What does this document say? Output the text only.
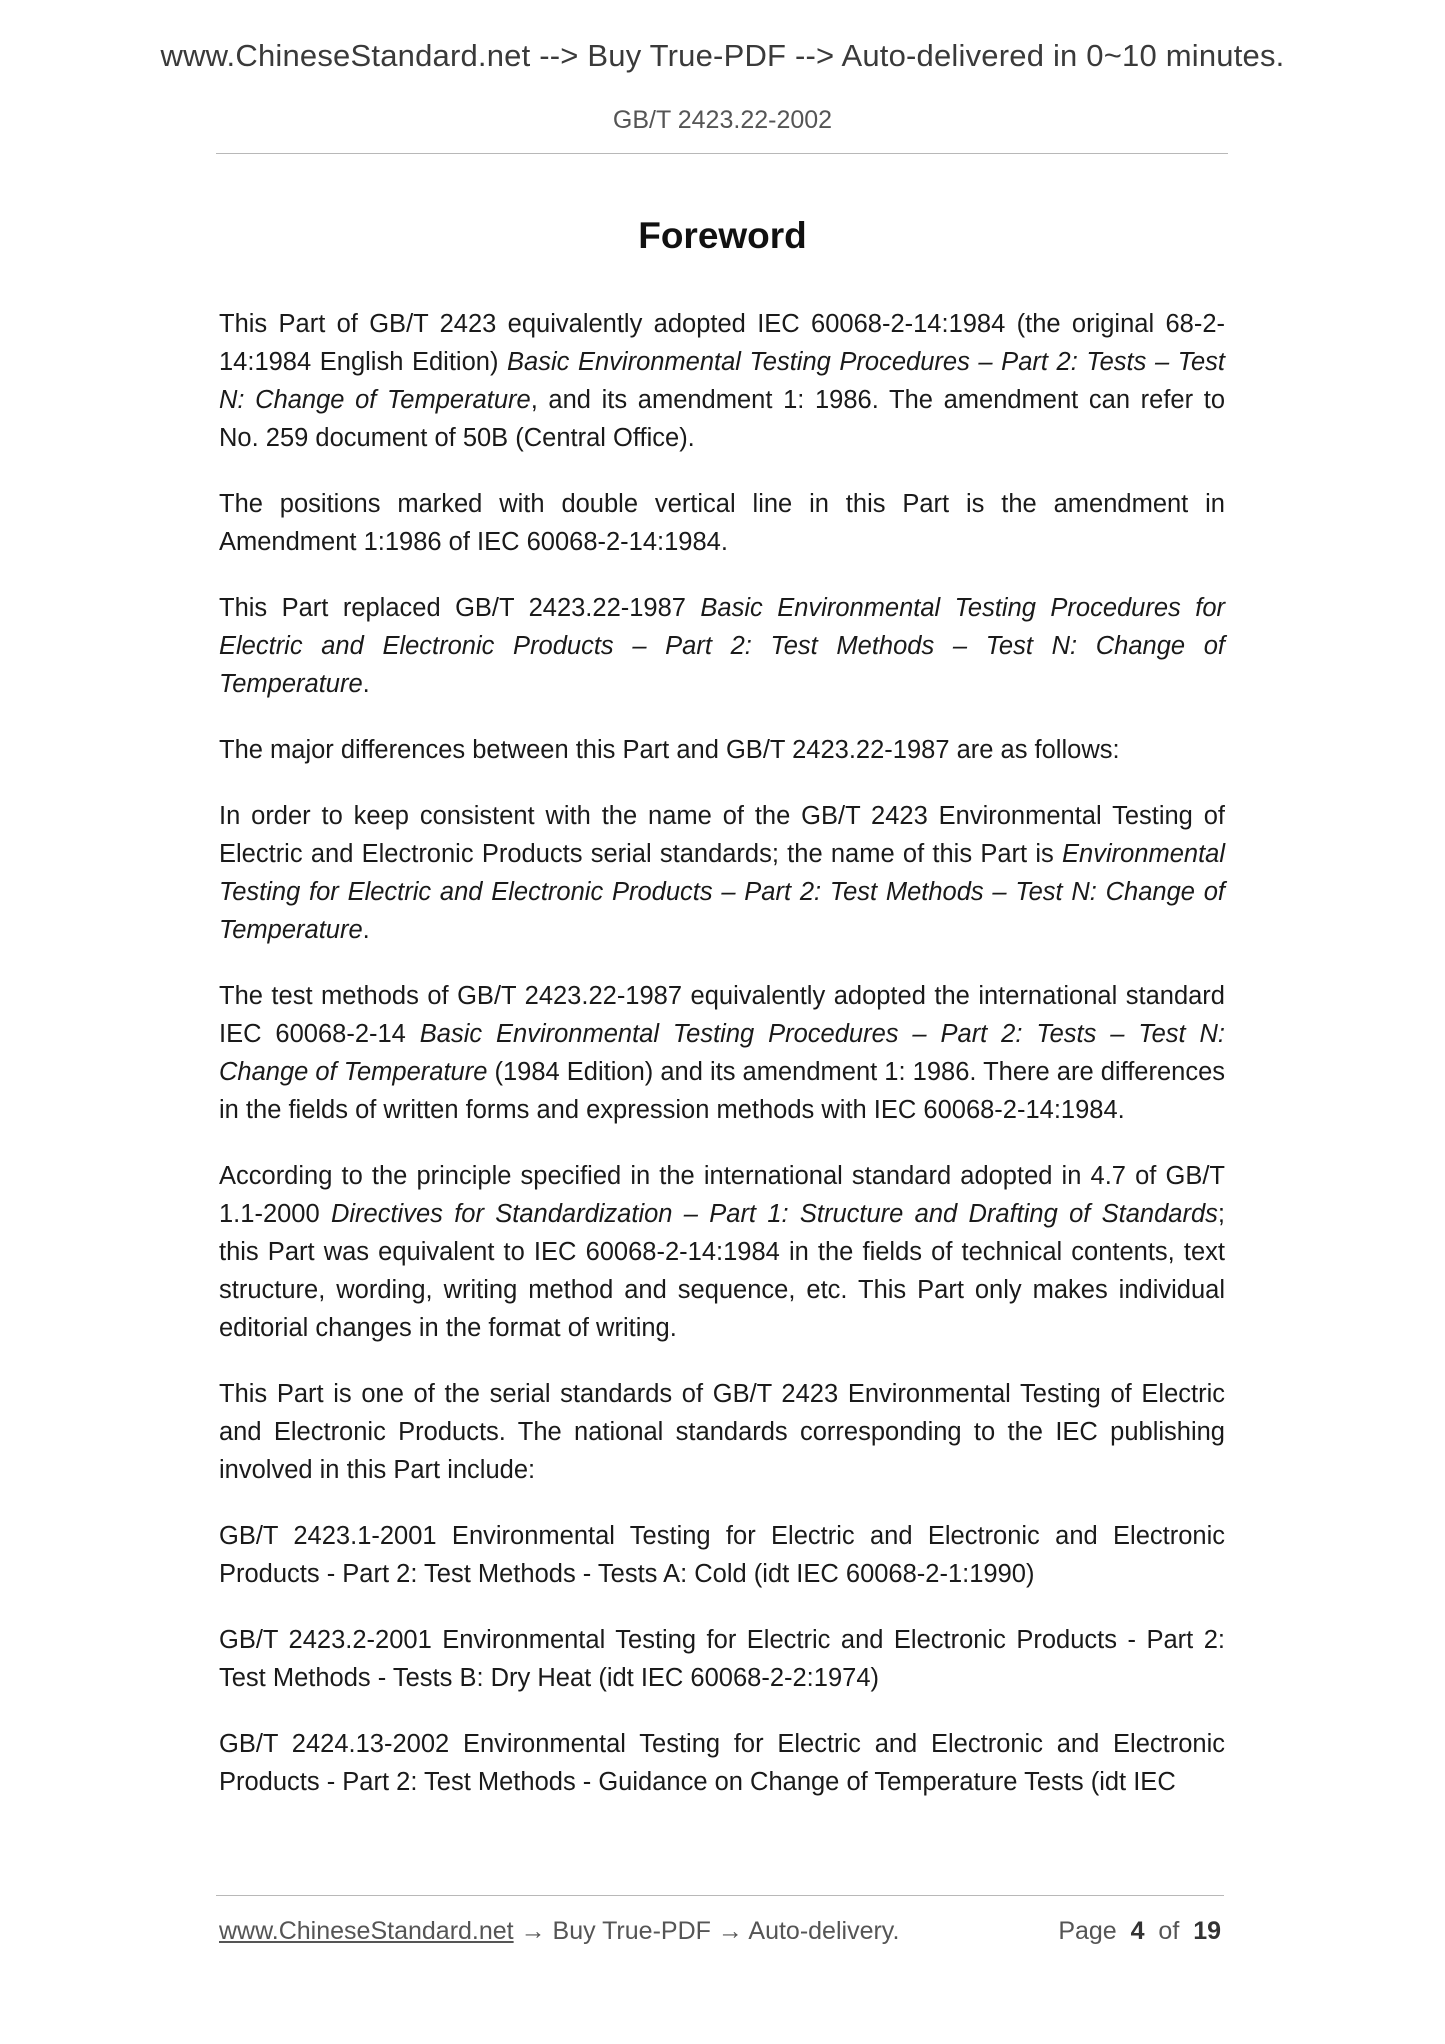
www.ChineseStandard.net --> Buy True-PDF --> Auto-delivered in 0~10 minutes.
GB/T 2423.22-2002
Foreword

This Part of GB/T 2423 equivalently adopted IEC 60068-2-14:1984 (the original 68-2-14:1984 English Edition) Basic Environmental Testing Procedures – Part 2: Tests – Test N: Change of Temperature, and its amendment 1: 1986. The amendment can refer to No. 259 document of 50B (Central Office).

The positions marked with double vertical line in this Part is the amendment in Amendment 1:1986 of IEC 60068-2-14:1984.

This Part replaced GB/T 2423.22-1987 Basic Environmental Testing Procedures for Electric and Electronic Products – Part 2: Test Methods – Test N: Change of Temperature.

The major differences between this Part and GB/T 2423.22-1987 are as follows:

In order to keep consistent with the name of the GB/T 2423 Environmental Testing of Electric and Electronic Products serial standards; the name of this Part is Environmental Testing for Electric and Electronic Products – Part 2: Test Methods – Test N: Change of Temperature.

The test methods of GB/T 2423.22-1987 equivalently adopted the international standard IEC 60068-2-14 Basic Environmental Testing Procedures – Part 2: Tests – Test N: Change of Temperature (1984 Edition) and its amendment 1: 1986. There are differences in the fields of written forms and expression methods with IEC 60068-2-14:1984.

According to the principle specified in the international standard adopted in 4.7 of GB/T 1.1-2000 Directives for Standardization – Part 1: Structure and Drafting of Standards; this Part was equivalent to IEC 60068-2-14:1984 in the fields of technical contents, text structure, wording, writing method and sequence, etc. This Part only makes individual editorial changes in the format of writing.

This Part is one of the serial standards of GB/T 2423 Environmental Testing of Electric and Electronic Products. The national standards corresponding to the IEC publishing involved in this Part include:

GB/T 2423.1-2001 Environmental Testing for Electric and Electronic and Electronic Products - Part 2: Test Methods - Tests A: Cold (idt IEC 60068-2-1:1990)

GB/T 2423.2-2001 Environmental Testing for Electric and Electronic Products - Part 2: Test Methods - Tests B: Dry Heat (idt IEC 60068-2-2:1974)

GB/T 2424.13-2002 Environmental Testing for Electric and Electronic and Electronic Products - Part 2: Test Methods - Guidance on Change of Temperature Tests (idt IEC

www.ChineseStandard.net → Buy True-PDF → Auto-delivery.	Page 4 of 19
